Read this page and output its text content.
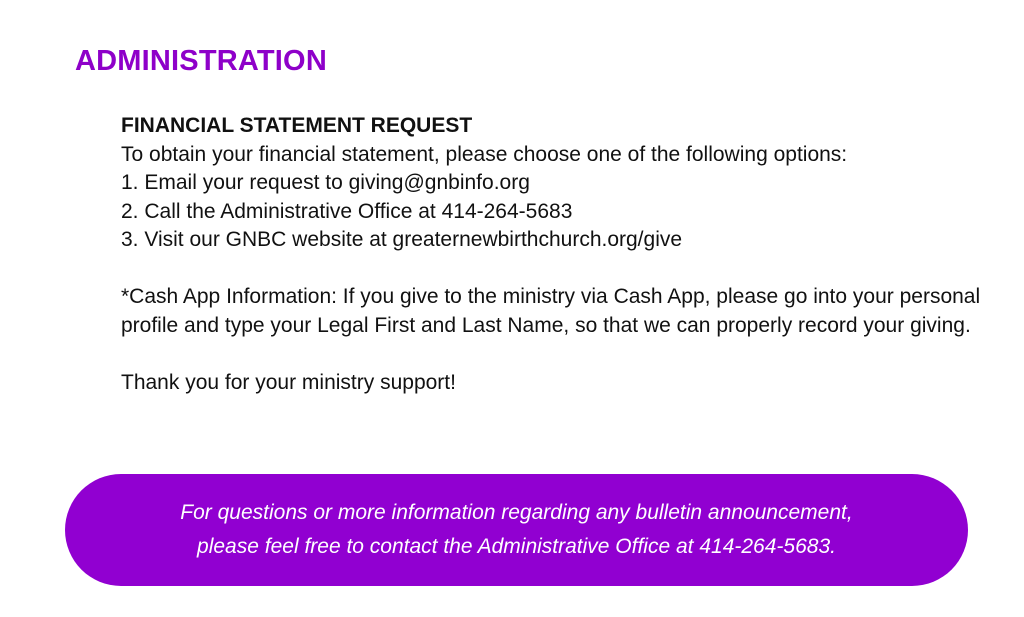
ADMINISTRATION

FINANCIAL STATEMENT REQUEST

To obtain your financial statement, please choose one of the following options:

1. Email your request to giving@gnbinfo.org

2. Call the Administrative Office at 414-264-5683

3. Visit our GNBC website at greaternewbirthchurch.org/give

*Cash App Information: If you give to the ministry via Cash App, please go into your personal profile and type your Legal First and Last Name, so that we can properly record your giving.

Thank you for your ministry support!

For questions or more information regarding any bulletin announcement,
please feel free to contact the Administrative Office at 414-264-5683.
